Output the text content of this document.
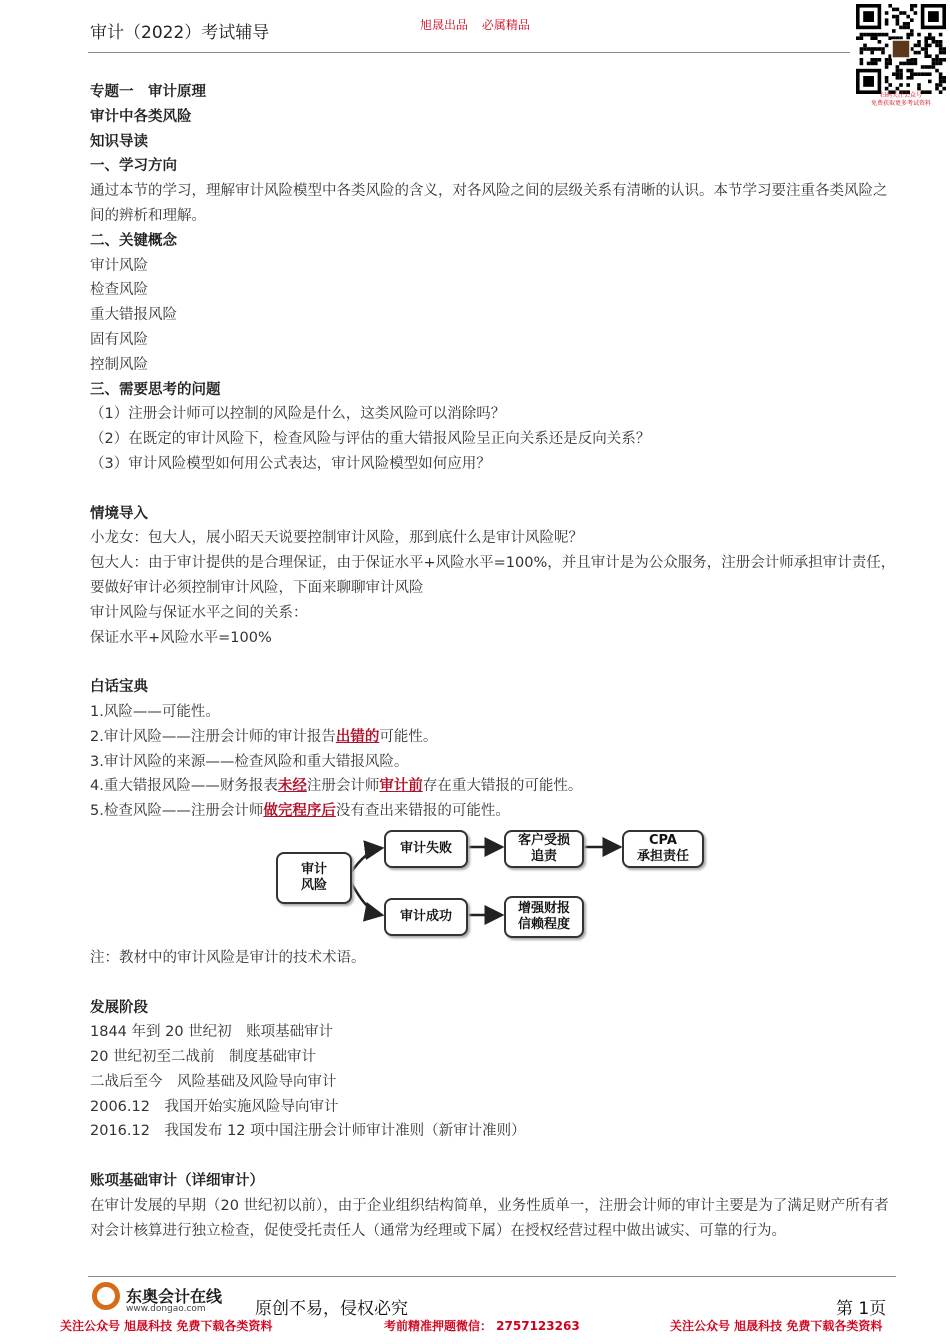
审计（2022）考试辅导	旭晟出品 必属精品
扫码关注公众号
免费获取更多考试资料
专题一　审计原理
审计中各类风险
知识导读
一、学习方向
通过本节的学习，理解审计风险模型中各类风险的含义，对各风险之间的层级关系有清晰的认识。本节学习要注重各类风险之间的辨析和理解。
二、关键概念
审计风险
检查风险
重大错报风险
固有风险
控制风险
三、需要思考的问题
（1）注册会计师可以控制的风险是什么，这类风险可以消除吗？
（2）在既定的审计风险下，检查风险与评估的重大错报风险呈正向关系还是反向关系？
（3）审计风险模型如何用公式表达，审计风险模型如何应用？
情境导入
小龙女：包大人，展小昭天天说要控制审计风险，那到底什么是审计风险呢？
包大人：由于审计提供的是合理保证，由于保证水平+风险水平=100%，并且审计是为公众服务，注册会计师承担审计责任，要做好审计必须控制审计风险，下面来聊聊审计风险
审计风险与保证水平之间的关系：
保证水平+风险水平=100%
白话宝典
1.风险——可能性。
2.审计风险——注册会计师的审计报告出错的可能性。
3.审计风险的来源——检查风险和重大错报风险。
4.重大错报风险——财务报表未经注册会计师审计前存在重大错报的可能性。
5.检查风险——注册会计师做完程序后没有查出来错报的可能性。
审计
风险
审计失败
审计成功
客户受损
追责
CPA
承担责任
增强财报
信赖程度
注：教材中的审计风险是审计的技术术语。
发展阶段
1844 年到 20 世纪初　账项基础审计
20 世纪初至二战前　制度基础审计
二战后至今　风险基础及风险导向审计
2006.12　我国开始实施风险导向审计
2016.12　我国发布 12 项中国注册会计师审计准则（新审计准则）
账项基础审计（详细审计）
在审计发展的早期（20 世纪初以前），由于企业组织结构简单，业务性质单一，注册会计师的审计主要是为了满足财产所有者对会计核算进行独立检查，促使受托责任人（通常为经理或下属）在授权经营过程中做出诚实、可靠的行为。
东奥会计在线
www.dongao.com	原创不易，侵权必究	第 1页
关注公众号 旭晟科技 免费下载各类资料	考前精准押题微信： 2757123263	关注公众号 旭晟科技 免费下载各类资料
